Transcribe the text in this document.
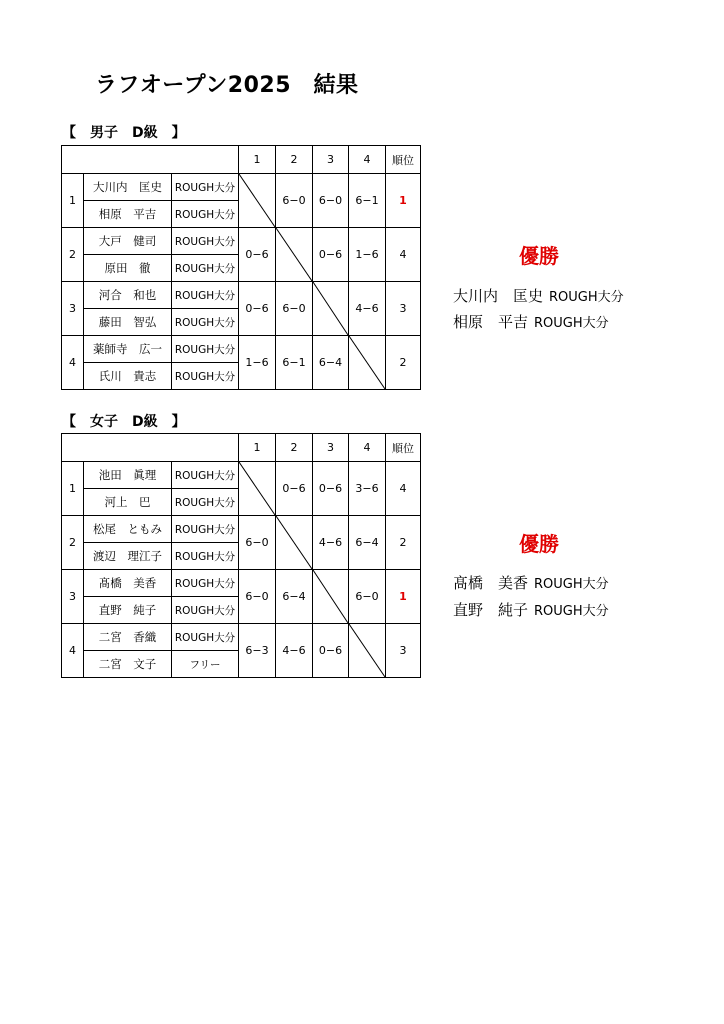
ラフオープン2025　結果
【　男子　D級　】
			1	2	3	4	順位
1	大川内　匡史	ROUGH大分		6−0	6−0	6−1	1
	相原　平吉	ROUGH大分					
2	大戸　健司	ROUGH大分	0−6		0−6	1−6	4
	原田　徹	ROUGH大分					
3	河合　和也	ROUGH大分	0−6	6−0		4−6	3
	藤田　智弘	ROUGH大分					
4	薬師寺　広一	ROUGH大分	1−6	6−1	6−4		2
	氏川　貴志	ROUGH大分					
優勝
大川内　匡史 ROUGH大分
相原　平吉 ROUGH大分
【　女子　D級　】
			1	2	3	4	順位
1	池田　眞理	ROUGH大分		0−6	0−6	3−6	4
	河上　巴	ROUGH大分					
2	松尾　ともみ	ROUGH大分	6−0		4−6	6−4	2
	渡辺　理江子	ROUGH大分					
3	髙橋　美香	ROUGH大分	6−0	6−4		6−0	1
	直野　純子	ROUGH大分					
4	二宮　香織	ROUGH大分	6−3	4−6	0−6		3
	二宮　文子	フリー					
優勝
髙橋　美香 ROUGH大分
直野　純子 ROUGH大分
